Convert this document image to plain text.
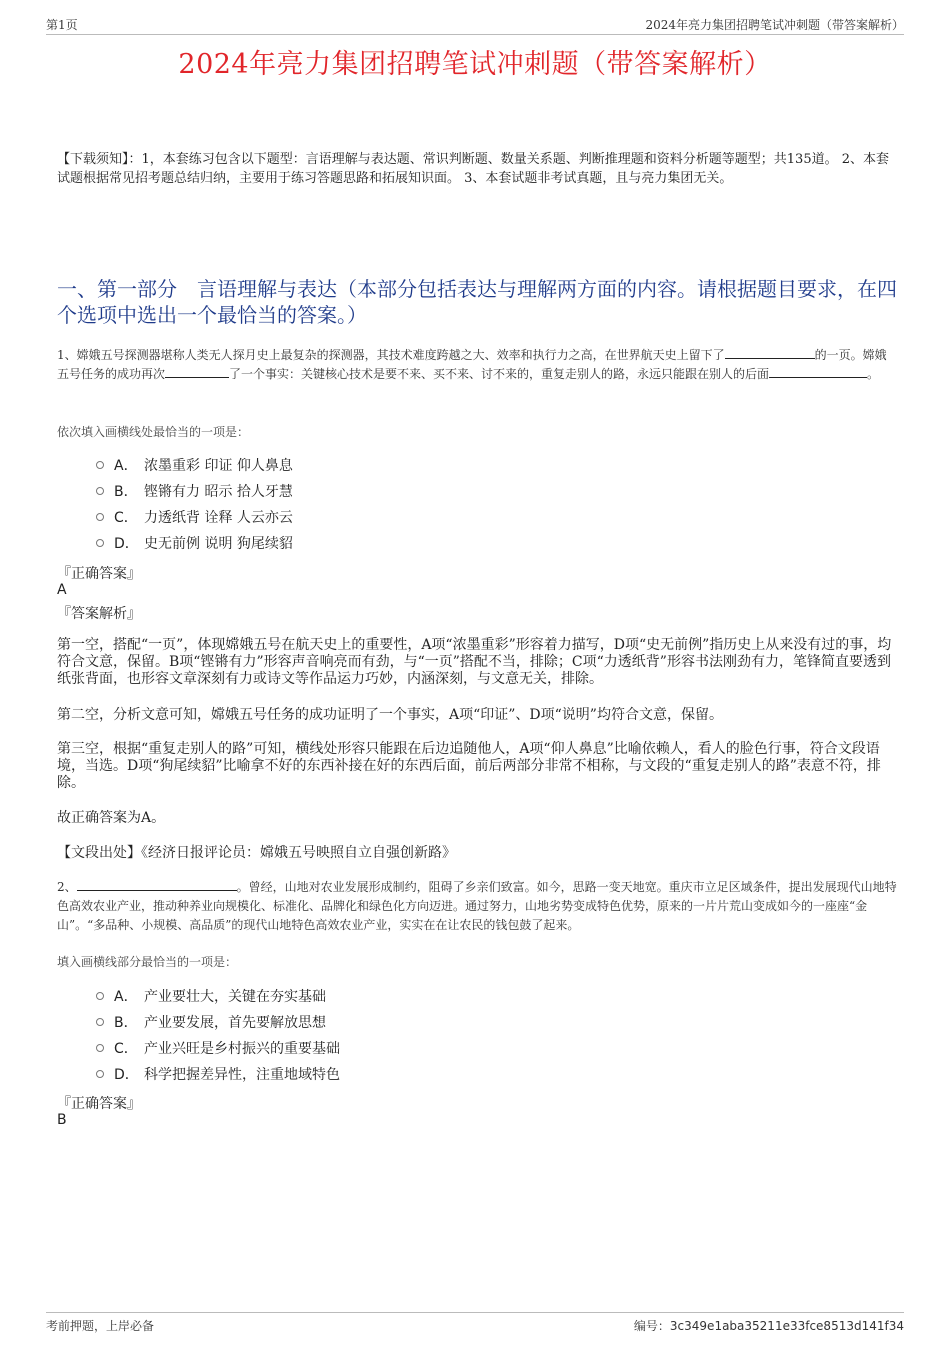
第1页	2024年亮力集团招聘笔试冲刺题（带答案解析）
2024年亮力集团招聘笔试冲刺题（带答案解析）
【下载须知】：1，本套练习包含以下题型：言语理解与表达题、常识判断题、数量关系题、判断推理题和资料分析题等题型；共135道。 2、本套试题根据常见招考题总结归纳，主要用于练习答题思路和拓展知识面。 3、本套试题非考试真题，且与亮力集团无关。
一、第一部分　言语理解与表达（本部分包括表达与理解两方面的内容。请根据题目要求，在四个选项中选出一个最恰当的答案。）
1、嫦娥五号探测器堪称人类无人探月史上最复杂的探测器，其技术难度跨越之大、效率和执行力之高，在世界航天史上留下了	的一页。嫦娥五号任务的成功再次	了一个事实：关键核心技术是要不来、买不来、讨不来的，重复走别人的路，永远只能跟在别人的后面	。
依次填入画横线处最恰当的一项是：
A． 浓墨重彩 印证 仰人鼻息
B． 铿锵有力 昭示 拾人牙慧
C． 力透纸背 诠释 人云亦云
D． 史无前例 说明 狗尾续貂
『正确答案』
A
『答案解析』
第一空，搭配“一页”，体现嫦娥五号在航天史上的重要性，A项“浓墨重彩”形容着力描写，D项“史无前例”指历史上从来没有过的事，均符合文意，保留。B项“铿锵有力”形容声音响亮而有劲，与“一页”搭配不当，排除；C项“力透纸背”形容书法刚劲有力，笔锋简直要透到纸张背面，也形容文章深刻有力或诗文等作品运力巧妙，内涵深刻，与文意无关，排除。
第二空，分析文意可知，嫦娥五号任务的成功证明了一个事实，A项“印证”、D项“说明”均符合文意，保留。
第三空，根据“重复走别人的路”可知，横线处形容只能跟在后边追随他人，A项“仰人鼻息”比喻依赖人，看人的脸色行事，符合文段语境，当选。D项“狗尾续貂”比喻拿不好的东西补接在好的东西后面，前后两部分非常不相称，与文段的“重复走别人的路”表意不符，排除。
故正确答案为A。
【文段出处】《经济日报评论员：嫦娥五号映照自立自强创新路》
2、	。曾经，山地对农业发展形成制约，阻碍了乡亲们致富。如今，思路一变天地宽。重庆市立足区域条件，提出发展现代山地特色高效农业产业，推动种养业向规模化、标准化、品牌化和绿色化方向迈进。通过努力，山地劣势变成特色优势，原来的一片片荒山变成如今的一座座“金山”。“多品种、小规模、高品质”的现代山地特色高效农业产业，实实在在让农民的钱包鼓了起来。
填入画横线部分最恰当的一项是：
A． 产业要壮大，关键在夯实基础
B． 产业要发展，首先要解放思想
C． 产业兴旺是乡村振兴的重要基础
D． 科学把握差异性，注重地域特色
『正确答案』
B
考前押题，上岸必备	编号：3c349e1aba35211e33fce8513d141f34
